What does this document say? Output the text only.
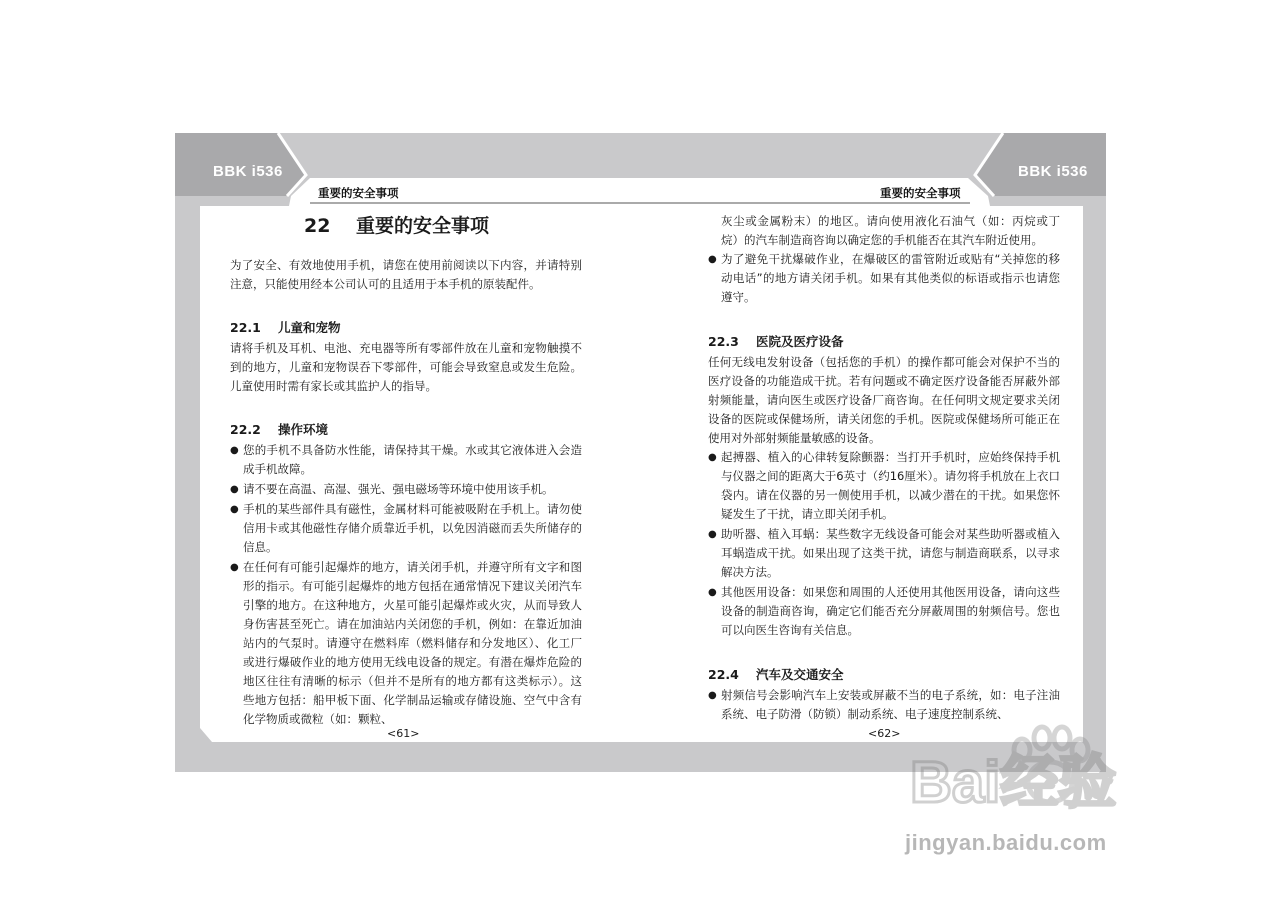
BBK i536	BBK i536
重要的安全事项	重要的安全事项
22 重要的安全事项

为了安全、有效地使用手机，请您在使用前阅读以下内容，并请特别注意，只能使用经本公司认可的且适用于本手机的原装配件。

22.1 儿童和宠物

请将手机及耳机、电池、充电器等所有零部件放在儿童和宠物触摸不到的地方，儿童和宠物误吞下零部件，可能会导致窒息或发生危险。儿童使用时需有家长或其监护人的指导。

22.2 操作环境
● 您的手机不具备防水性能，请保持其干燥。水或其它液体进入会造成手机故障。
● 请不要在高温、高湿、强光、强电磁场等环境中使用该手机。
● 手机的某些部件具有磁性，金属材料可能被吸附在手机上。请勿使信用卡或其他磁性存储介质靠近手机，以免因消磁而丢失所储存的信息。
● 在任何有可能引起爆炸的地方，请关闭手机，并遵守所有文字和图形的指示。有可能引起爆炸的地方包括在通常情况下建议关闭汽车引擎的地方。在这种地方，火星可能引起爆炸或火灾，从而导致人身伤害甚至死亡。请在加油站内关闭您的手机，例如：在靠近加油站内的气泵时。请遵守在燃料库（燃料储存和分发地区）、化工厂或进行爆破作业的地方使用无线电设备的规定。有潜在爆炸危险的地区往往有清晰的标示（但并不是所有的地方都有这类标示）。这些地方包括：船甲板下面、化学制品运输或存储设施、空气中含有化学物质或微粒（如：颗粒、
<61>

灰尘或金属粉末）的地区。请向使用液化石油气（如：丙烷或丁烷）的汽车制造商咨询以确定您的手机能否在其汽车附近使用。

● 为了避免干扰爆破作业，在爆破区的雷管附近或贴有“关掉您的移动电话”的地方请关闭手机。如果有其他类似的标语或指示也请您遵守。
22.3 医院及医疗设备

任何无线电发射设备（包括您的手机）的操作都可能会对保护不当的医疗设备的功能造成干扰。若有问题或不确定医疗设备能否屏蔽外部射频能量，请向医生或医疗设备厂商咨询。在任何明文规定要求关闭设备的医院或保健场所，请关闭您的手机。医院或保健场所可能正在使用对外部射频能量敏感的设备。

● 起搏器、植入的心律转复除颤器：当打开手机时，应始终保持手机与仪器之间的距离大于6英寸（约16厘米）。请勿将手机放在上衣口袋内。请在仪器的另一侧使用手机，以减少潜在的干扰。如果您怀疑发生了干扰，请立即关闭手机。
● 助听器、植入耳蜗：某些数字无线设备可能会对某些助听器或植入耳蜗造成干扰。如果出现了这类干扰，请您与制造商联系，以寻求解决方法。
● 其他医用设备：如果您和周围的人还使用其他医用设备，请向这些设备的制造商咨询，确定它们能否充分屏蔽周围的射频信号。您也可以向医生咨询有关信息。
22.4 汽车及交通安全
● 射频信号会影响汽车上安装或屏蔽不当的电子系统，如：电子注油系统、电子防滑（防锁）制动系统、电子速度控制系统、
<62>
Bai经验
jingyan.baidu.com
